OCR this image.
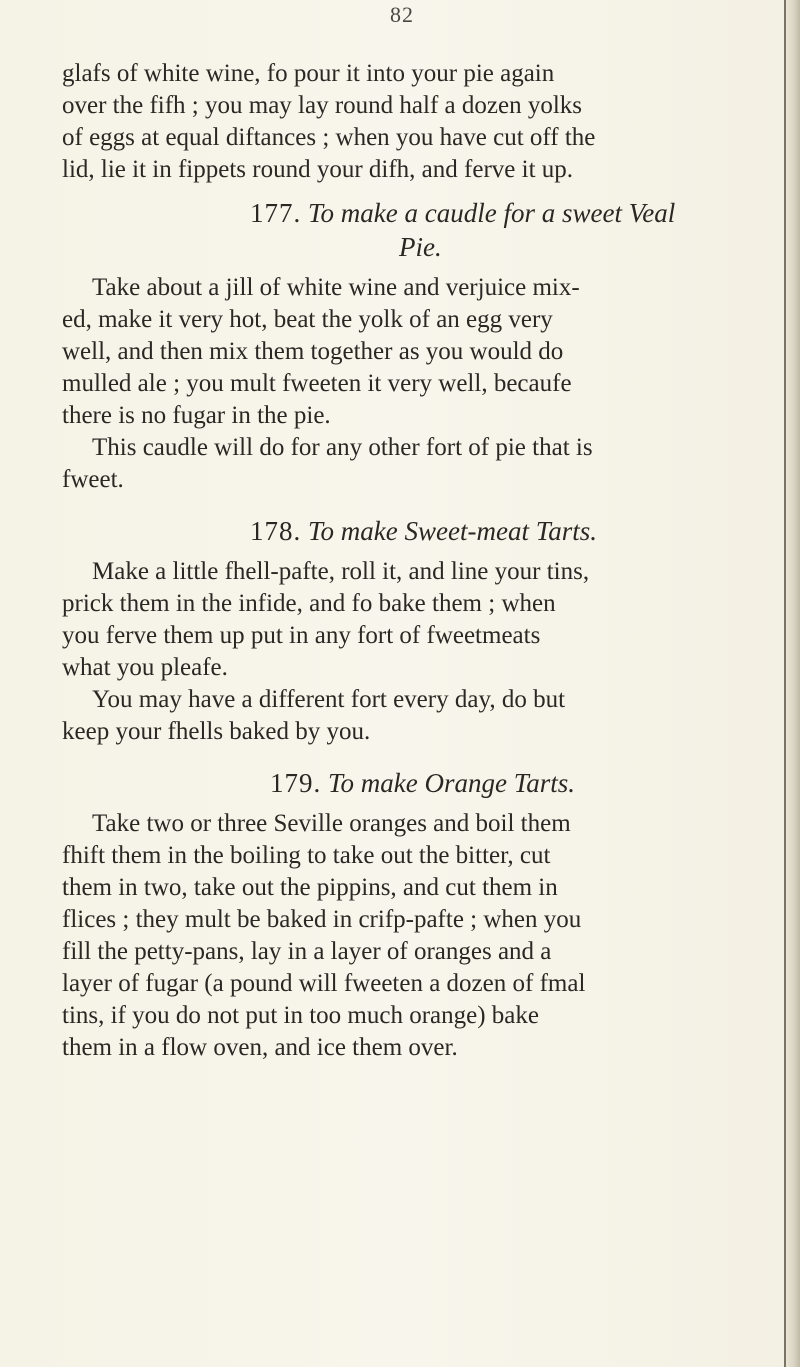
82
glafs of white wine, fo pour it into your pie again
over the fifh ; you may lay round half a dozen yolks
of eggs at equal diftances ; when you have cut off the
lid, lie it in fippets round your difh, and ferve it up.
177. To make a caudle for a sweet Veal
Pie.
Take about a jill of white wine and verjuice mix-
ed, make it very hot, beat the yolk of an egg very
well, and then mix them together as you would do
mulled ale ; you mult fweeten it very well, becaufe
there is no fugar in the pie.
This caudle will do for any other fort of pie that is
fweet.
178. To make Sweet-meat Tarts.
Make a little fhell-pafte, roll it, and line your tins,
prick them in the infide, and fo bake them ; when
you ferve them up put in any fort of fweetmeats
what you pleafe.
You may have a different fort every day, do but
keep your fhells baked by you.
179. To make Orange Tarts.
Take two or three Seville oranges and boil them
fhift them in the boiling to take out the bitter, cut
them in two, take out the pippins, and cut them in
flices ; they mult be baked in crifp-pafte ; when you
fill the petty-pans, lay in a layer of oranges and a
layer of fugar (a pound will fweeten a dozen of fmal
tins, if you do not put in too much orange) bake
them in a flow oven, and ice them over.
